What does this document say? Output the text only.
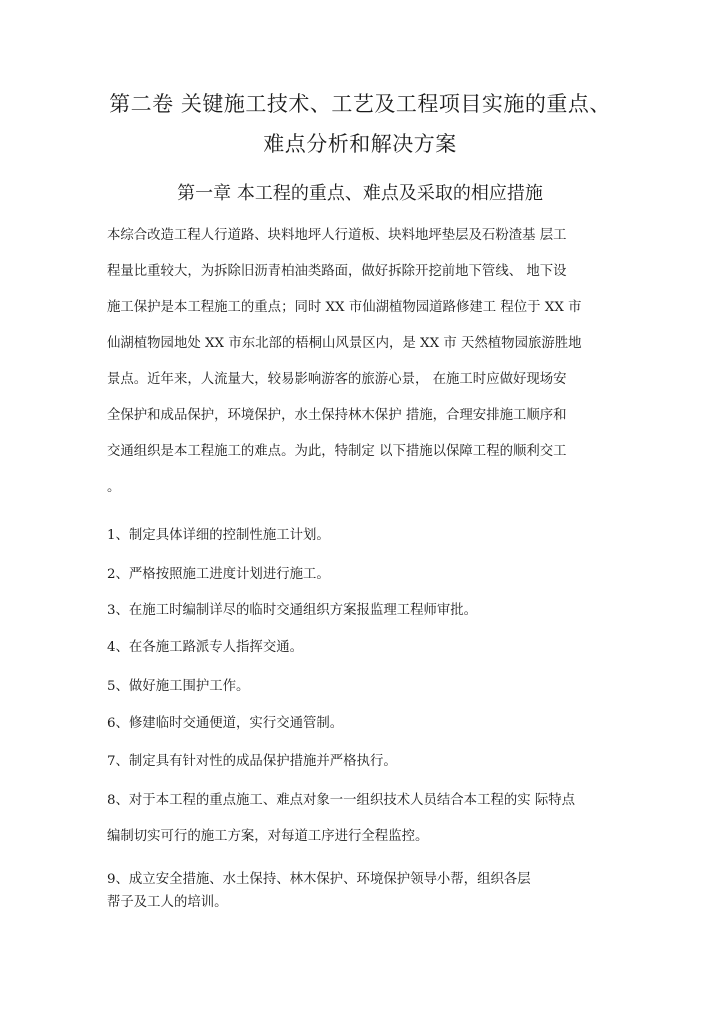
第二卷 关键施工技术、工艺及工程项目实施的重点、
难点分析和解决方案
第一章 本工程的重点、难点及采取的相应措施
本综合改造工程人行道路、块料地坪人行道板、块料地坪垫层及石粉渣基 层工
程量比重较大，为拆除旧沥青柏油类路面，做好拆除开挖前地下管线、 地下设
施工保护是本工程施工的重点；同时 XX 市仙湖植物园道路修建工 程位于 XX 市
仙湖植物园地处 XX 市东北部的梧桐山风景区内，是 XX 市 天然植物园旅游胜地
景点。近年来，人流量大，较易影响游客的旅游心景， 在施工时应做好现场安
全保护和成品保护，环境保护，水土保持林木保护 措施，合理安排施工顺序和
交通组织是本工程施工的难点。为此，特制定 以下措施以保障工程的顺利交工
。
1、制定具体详细的控制性施工计划。
2、严格按照施工进度计划进行施工。
3、在施工时编制详尽的临时交通组织方案报监理工程师审批。
4、在各施工路派专人指挥交通。
5、做好施工围护工作。
6、修建临时交通便道，实行交通管制。
7、制定具有针对性的成品保护措施并严格执行。
8、对于本工程的重点施工、难点对象一一组织技术人员结合本工程的实 际特点
编制切实可行的施工方案，对每道工序进行全程监控。
9、成立安全措施、水土保持、林木保护、环境保护领导小帮，组织各层
帮子及工人的培训。
